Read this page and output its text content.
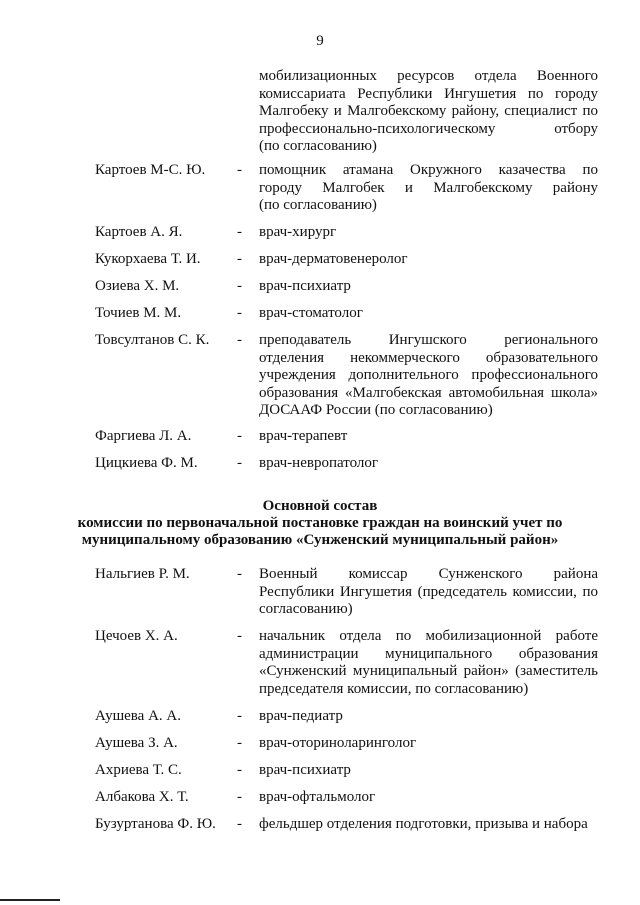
9
мобилизационных ресурсов отдела Военного
комиссариата Республики Ингушетия по городу
Малгобеку и Малгобекскому району, специалист по
профессионально-психологическому отбору
(по согласованию)
Картоев М-С. Ю. - помощник атамана Окружного казачества по
городу Малгобек и Малгобекскому району
(по согласованию)
Картоев А. Я.	- врач-хирург
Кукорхаева Т. И. - врач-дерматовенеролог
Озиева Х. М.	- врач-психиатр
Точиев М. М.	- врач-стоматолог
Товсултанов С. К. - преподаватель Ингушского регионального
отделения некоммерческого образовательного
учреждения дополнительного профессионального
образования «Малгобекская автомобильная школа»
ДОСААФ России (по согласованию)
Фаргиева Л. А.	- врач-терапевт
Цицкиева Ф. М.	- врач-невропатолог
Основной состав
комиссии по первоначальной постановке граждан на воинский учет по
муниципальному образованию «Сунженский муниципальный район»
Нальгиев Р. М.	- Военный комиссар Сунженского района
Республики Ингушетия (председатель комиссии, по
согласованию)
Цечоев Х. А.	- начальник отдела по мобилизационной работе
администрации муниципального образования
«Сунженский муниципальный район» (заместитель
председателя комиссии, по согласованию)
Аушева А. А.	- врач-педиатр
Аушева З. А.	- врач-оториноларинголог
Ахриева Т. С.	- врач-психиатр
Албакова Х. Т.	- врач-офтальмолог
Бузуртанова Ф. Ю. - фельдшер отделения подготовки, призыва и набора
